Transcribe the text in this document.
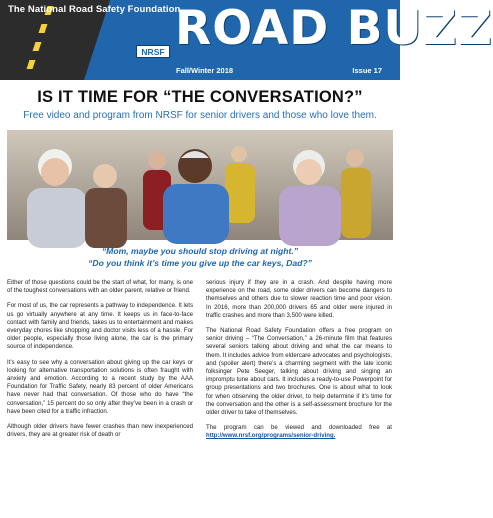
The National Road Safety Foundation
NRSF ROAD BUZZ
Fall/Winter 2018	Issue 17
IS IT TIME FOR “THE CONVERSATION?”
Free video and program from NRSF for senior drivers and those who love them.
“Mom, maybe you should stop driving at night.”
“Do you think it’s time you give up the car keys, Dad?”

Either of those questions could be the start of what, for many, is one of the toughest conversations with an older parent, relative or friend.

For most of us, the car represents a pathway to independence. It lets us go virtually anywhere at any time. It keeps us in face-to-face contact with family and friends, takes us to entertainment and makes everyday chores like shopping and doctor visits less of a hassle. For older people, especially those living alone, the car is the primary source of independence.

It’s easy to see why a conversation about giving up the car keys or looking for alternative transportation solutions is often fraught with anxiety and emotion. According to a recent study by the AAA Foundation for Traffic Safety, nearly 83 percent of older Americans have never had that conversation. Of those who do have “the conversation,” 15 percent do so only after they’ve been in a crash or have been cited for a traffic infraction.

Although older drivers have fewer crashes than new inexperienced drivers, they are at greater risk of death or

serious injury if they are in a crash. And despite having more experience on the road, some older drivers can become dangers to themselves and others due to slower reaction time and poor vision. In 2016, more than 200,000 drivers 65 and older were injured in traffic crashes and more than 3,500 were killed.

The National Road Safety Foundation offers a free program on senior driving – “The Conversation,” a 26-minute film that features several seniors talking about driving and what the car means to them. It includes advice from eldercare advocates and psychologists, and (spoiler alert) there’s a charming segment with the late iconic folksinger Pete Seeger, talking about driving and singing an impromptu tune about cars. It includes a ready-to-use Powerpoint for group presentations and two brochures. One is about what to look for when observing the older driver, to help determine if it’s time for the conversation and the other is a self-assessment brochure for the older driver to take of themselves.

The program can be viewed and downloaded free at http://www.nrsf.org/programs/senior-driving.
